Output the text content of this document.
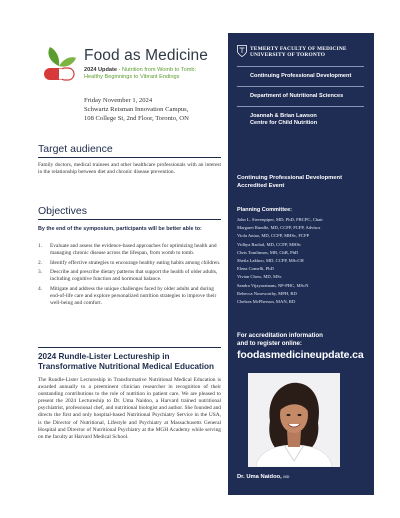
Food as Medicine
2024 Update - Nutrition from Womb to Tomb:
Healthy Beginnings to Vibrant Endings
Friday November 1, 2024
Schwartz Reisman Innovation Campus,
108 College St, 2nd Floor, Toronto, ON
Target audience
Family doctors, medical trainees and other healthcare professionals with an interest in the relationship between diet and chronic disease prevention.
Objectives
By the end of the symposium, participants will be better able to:
1. Evaluate and assess the evidence-based approaches for optimizing health and managing chronic disease across the lifespan, from womb to tomb.
2. Identify effective strategies to encourage healthy eating habits among children.
3. Describe and prescribe dietary patterns that support the health of older adults, including cognitive function and hormonal balance.
4. Mitigate and address the unique challenges faced by older adults and during end-of-life care and explore personalized nutrition strategies to improve their well-being and comfort.
2024 Rundle-Lister Lectureship in Transformative Nutritional Medical Education
The Rundle-Lister Lectureship in Transformative Nutritional Medical Education is awarded annually to a preeminent clinician researcher in recognition of their outstanding contributions to the role of nutrition in patient care. We are pleased to present the 2024 Lectureship to Dr. Uma Naidoo, a Harvard trained nutritional psychiatrist, professional chef, and nutritional biologist and author. She founded and directs the first and only hospital-based Nutritional Psychiatry Service in the USA, is the Director of Nutritional, Lifestyle and Psychiatry at Massachusetts General Hospital and Director of Nutritional Psychiatry at the MGH Academy while serving on the faculty at Harvard Medical School.
TEMERTY FACULTY OF MEDICINE
UNIVERSITY OF TORONTO
Continuing Professional Development
Department of Nutritional Sciences
Joannah & Brian Lawson
Centre for Child Nutrition
Continuing Professional Development
Accredited Event
Planning Committee:
John L. Sievenpiper, MD, PhD, FRCPC, Chair
Margaret Rundle, MD, CCFP, FCFP, Advisor
Viola Antao, MD, CCFP, MHSc, FCFP
Vidhya Rachal, MD, CCFP, MHSc
Chris Tomlinson, MB, ChB, PhD
Sheila Lakhoo, MD, CCFP, MScCH
Elena Comelli, PhD
Vivian Chow, MD, MSc
Sandra Vijayaratnam, NP-PHC, MScN
Rebecca Noseworthy, MPH, RD
Chelsea McPherson, MAN, RD
For accreditation information
and to register online:
foodasmedicineupdate.ca
Dr. Uma Naidoo, MD
